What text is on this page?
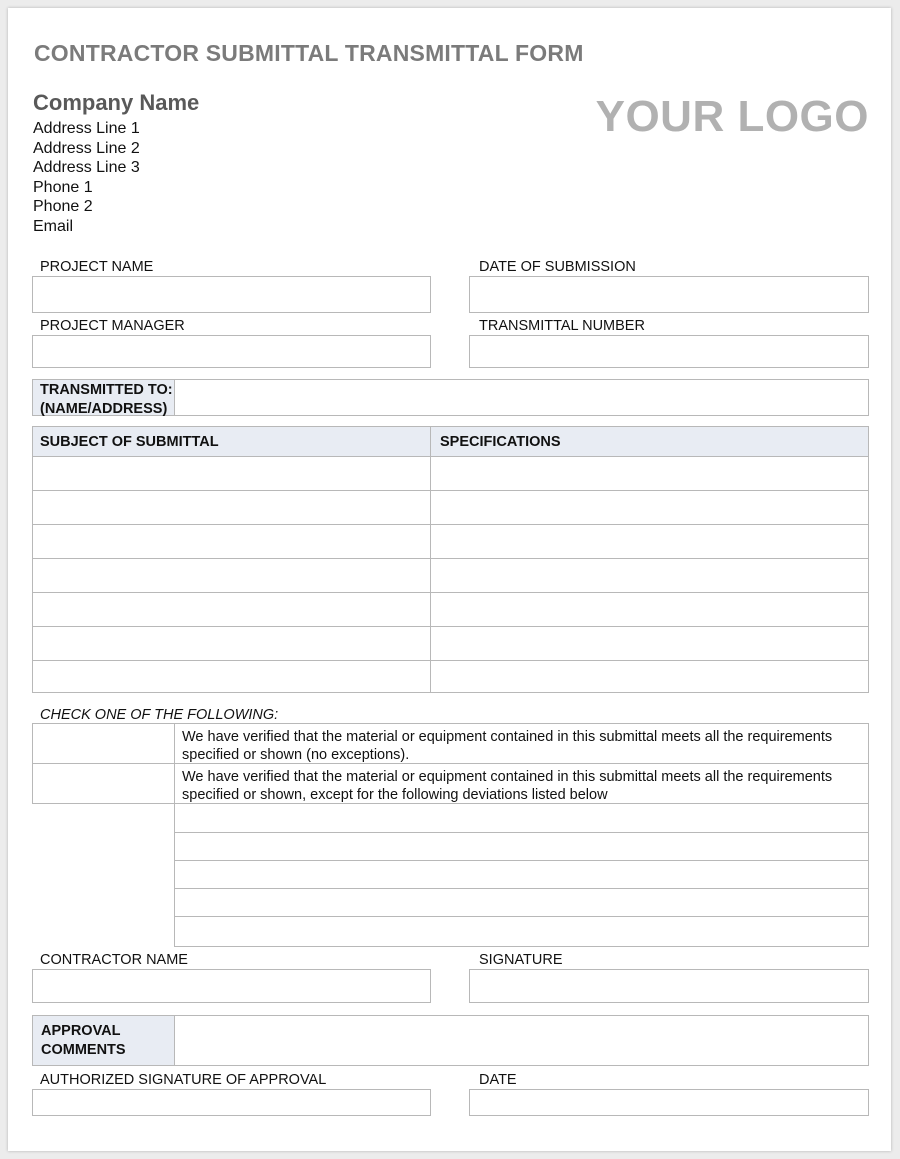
CONTRACTOR SUBMITTAL TRANSMITTAL FORM
Company Name
Address Line 1
Address Line 2
Address Line 3
Phone 1
Phone 2
Email
YOUR LOGO
PROJECT NAME	DATE OF SUBMISSION
PROJECT MANAGER	TRANSMITTAL NUMBER
TRANSMITTED TO:
(NAME/ADDRESS)
SUBJECT OF SUBMITTAL	SPECIFICATIONS
CHECK ONE OF THE FOLLOWING:
We have verified that the material or equipment contained in this submittal meets all the requirements specified or shown (no exceptions).
We have verified that the material or equipment contained in this submittal meets all the requirements specified or shown, except for the following deviations listed below
CONTRACTOR NAME	SIGNATURE
APPROVAL
COMMENTS
AUTHORIZED SIGNATURE OF APPROVAL	DATE
